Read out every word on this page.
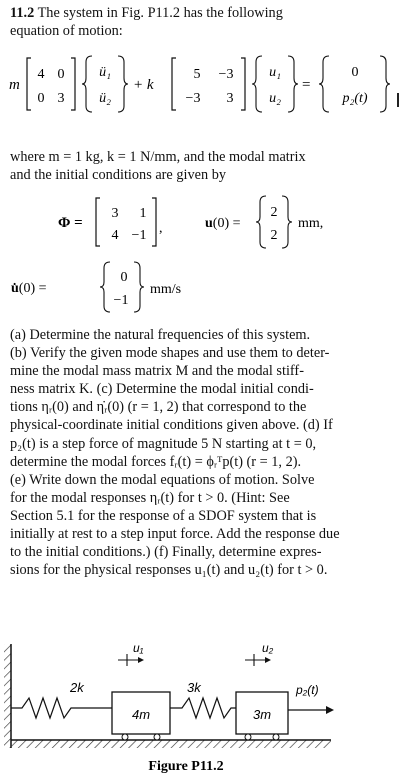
11.2 The system in Fig. P11.2 has the following
equation of motion:
m
4 0
0 3
ü₁
ü₂
+ k
5 −3
−3 3
u₁
u₂
=
0
p₂(t)
where m = 1 kg, k = 1 N/mm, and the modal matrix
and the initial conditions are given by
Φ =
3 1
4 −1 ,	u(0) =
2
2
mm,
u̇(0) =
0
−1
mm/s
(a) Determine the natural frequencies of this system.
(b) Verify the given mode shapes and use them to deter-
mine the modal mass matrix M and the modal stiff-
ness matrix K. (c) Determine the modal initial condi-
tions ηᵣ(0) and η̇ᵣ(0) (r = 1, 2) that correspond to the
physical-coordinate initial conditions given above. (d) If
p₂(t) is a step force of magnitude 5 N starting at t = 0,
determine the modal forces fᵣ(t) = ϕᵣᵀp(t) (r = 1, 2).
(e) Write down the modal equations of motion. Solve
for the modal responses ηᵣ(t) for t > 0. (Hint: See
Section 5.1 for the response of a SDOF system that is
initially at rest to a step input force. Add the response due
to the initial conditions.) (f) Finally, determine expres-
sions for the physical responses u₁(t) and u₂(t) for t > 0.
2k
4m
u₁
3k
3m
u₂
p₂(t)
Figure P11.2
